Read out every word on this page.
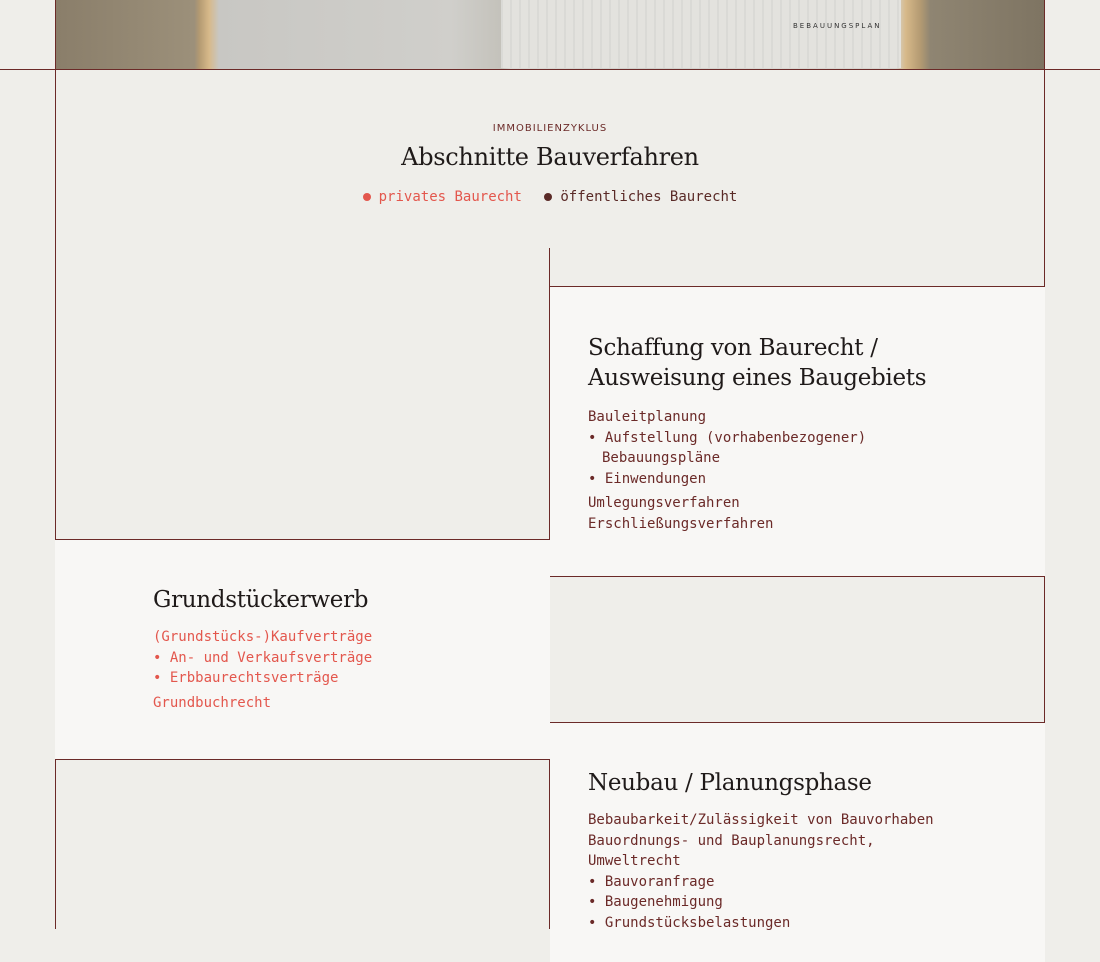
BEBAUUNGSPLAN
IMMOBILIENZYKLUS
Abschnitte Bauverfahren
privates Baurecht
	öffentliches Baurecht
Schaffung von Baurecht /
Ausweisung eines Baugebiets
Bauleitplanung
• Aufstellung (vorhabenbezogener) Bebauungspläne
• Einwendungen
Umlegungsverfahren
Erschließungsverfahren
Grundstückerwerb
(Grundstücks-)Kaufverträge
• An- und Verkaufsverträge
• Erbbaurechtsverträge
Grundbuchrecht
Neubau / Planungsphase
Bebaubarkeit/Zulässigkeit von Bauvorhaben
Bauordnungs- und Bauplanungsrecht, Umweltrecht
• Bauvoranfrage
• Baugenehmigung
• Grundstücksbelastungen
